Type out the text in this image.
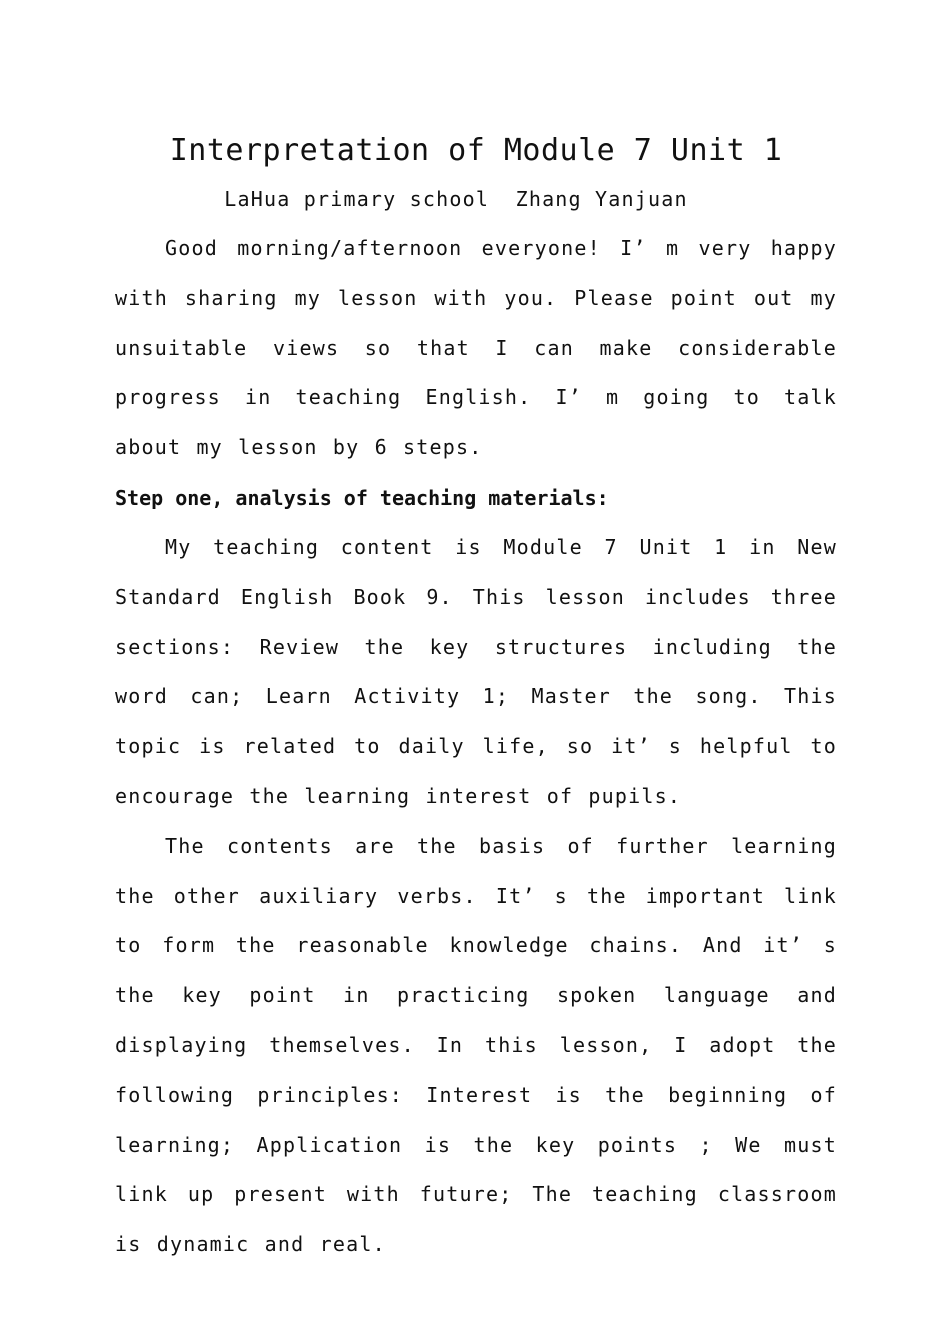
Interpretation of Module 7 Unit 1
LaHua primary school  Zhang Yanjuan

Good morning/afternoon everyone! I’ m very happy with sharing my lesson with you. Please point out my unsuitable views so that I can make considerable progress in teaching English. I’ m going to talk about my lesson by 6 steps.

Step one, analysis of teaching materials:

My teaching content is Module 7 Unit 1 in New Standard English Book 9. This lesson includes three sections: Review the key structures including the word can; Learn Activity 1; Master the song. This topic is related to daily life, so it’ s helpful to encourage the learning interest of pupils.

The contents are the basis of further learning the other auxiliary verbs. It’ s the important link to form the reasonable knowledge chains. And it’ s the key point in practicing spoken language and displaying themselves. In this lesson, I adopt the following principles: Interest is the beginning of learning; Application is the key points ; We must link up present with future; The teaching classroom is dynamic and real.
